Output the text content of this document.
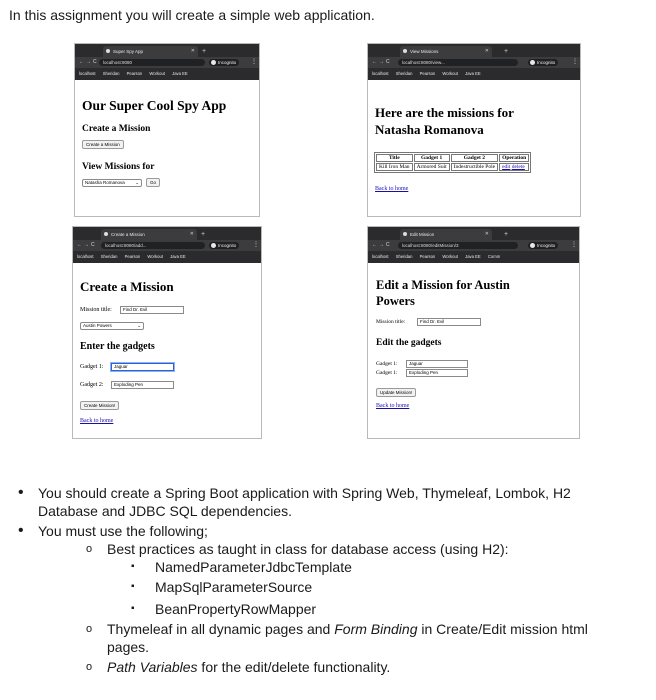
In this assignment you will create a simple web application.
Super Spy App	✕ +
←→C localhost:8080	Incognito	⋮
localhost Sheridan Pearson Workout Java EE
Our Super Cool Spy App
Create a Mission
Create a Mission
View Missions for
Natasha Romanova ⌄	Go
View Missions	✕ +
←→C	localhost:8080/view...	Incognito	⋮
localhost Sheridan Pearson Workout Java EE
Here are the missions for
Natasha Romanova
Title	Gadget 1	Gadget 2	Operation
Kill Iron Man	Armored Suit	Indestructible Pole	edit delete
Back to home
Create a Mission	✕ +
←→C	localhost:8080/add...	Incognito	⋮
localhost Sheridan Pearson Workout Java EE
Create a Mission
Mission title:	Find Dr. Evil
Austin Powers	⌄
Enter the gadgets
Gadget 1:	Jaguar
Gadget 2:	Exploding Pen
Create Mission!
Back to home
Edit Mission	✕ +
←→C	localhost:8080/editMission/3	Incognito	⋮
localhost Sheridan Pearson Workout Java EE Comm
Edit a Mission for Austin
Powers
Mission title:	Find Dr. Evil
Edit the gadgets
Gadget 1:	Jaguar
Gadget 1:	Exploding Pen
Update Mission!
Back to home
• You should create a Spring Boot application with Spring Web, Thymeleaf, Lombok, H2
Database and JDBC SQL dependencies.
• You must use the following;
o Best practices as taught in class for database access (using H2):
▪ NamedParameterJdbcTemplate
▪ MapSqlParameterSource
▪ BeanPropertyRowMapper
o Thymeleaf in all dynamic pages and Form Binding in Create/Edit mission html
pages.
o Path Variables for the edit/delete functionality.
